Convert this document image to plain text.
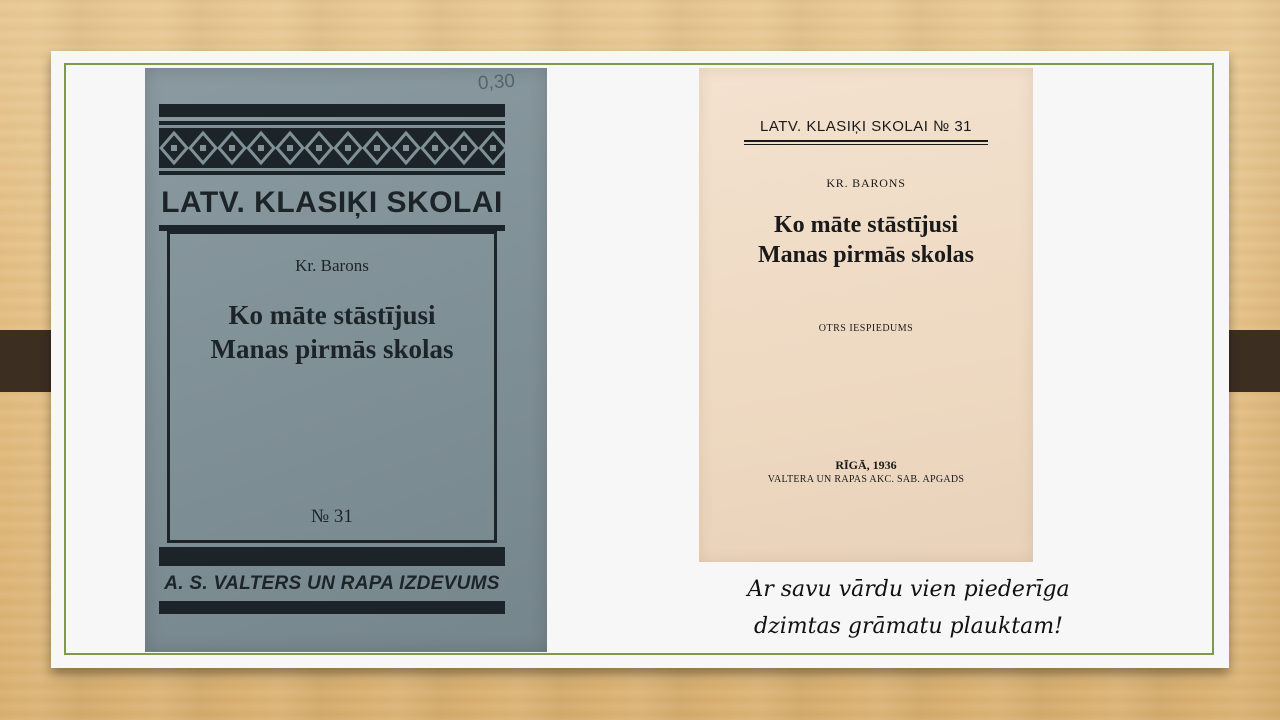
0,30
LATV. KLASIĶI SKOLAI
Kr. Barons
Ko māte stāstījusi
Manas pirmās skolas
№ 31
A. S. VALTERS UN RAPA IZDEVUMS
LATV. KLASIĶI SKOLAI № 31
KR. BARONS
Ko māte stāstījusi
Manas pirmās skolas
OTRS IESPIEDUMS
RĪGĀ, 1936
VALTERA UN RAPAS AKC. SAB. APGADS
Ar savu vārdu vien piederīga
dzimtas grāmatu plauktam!
